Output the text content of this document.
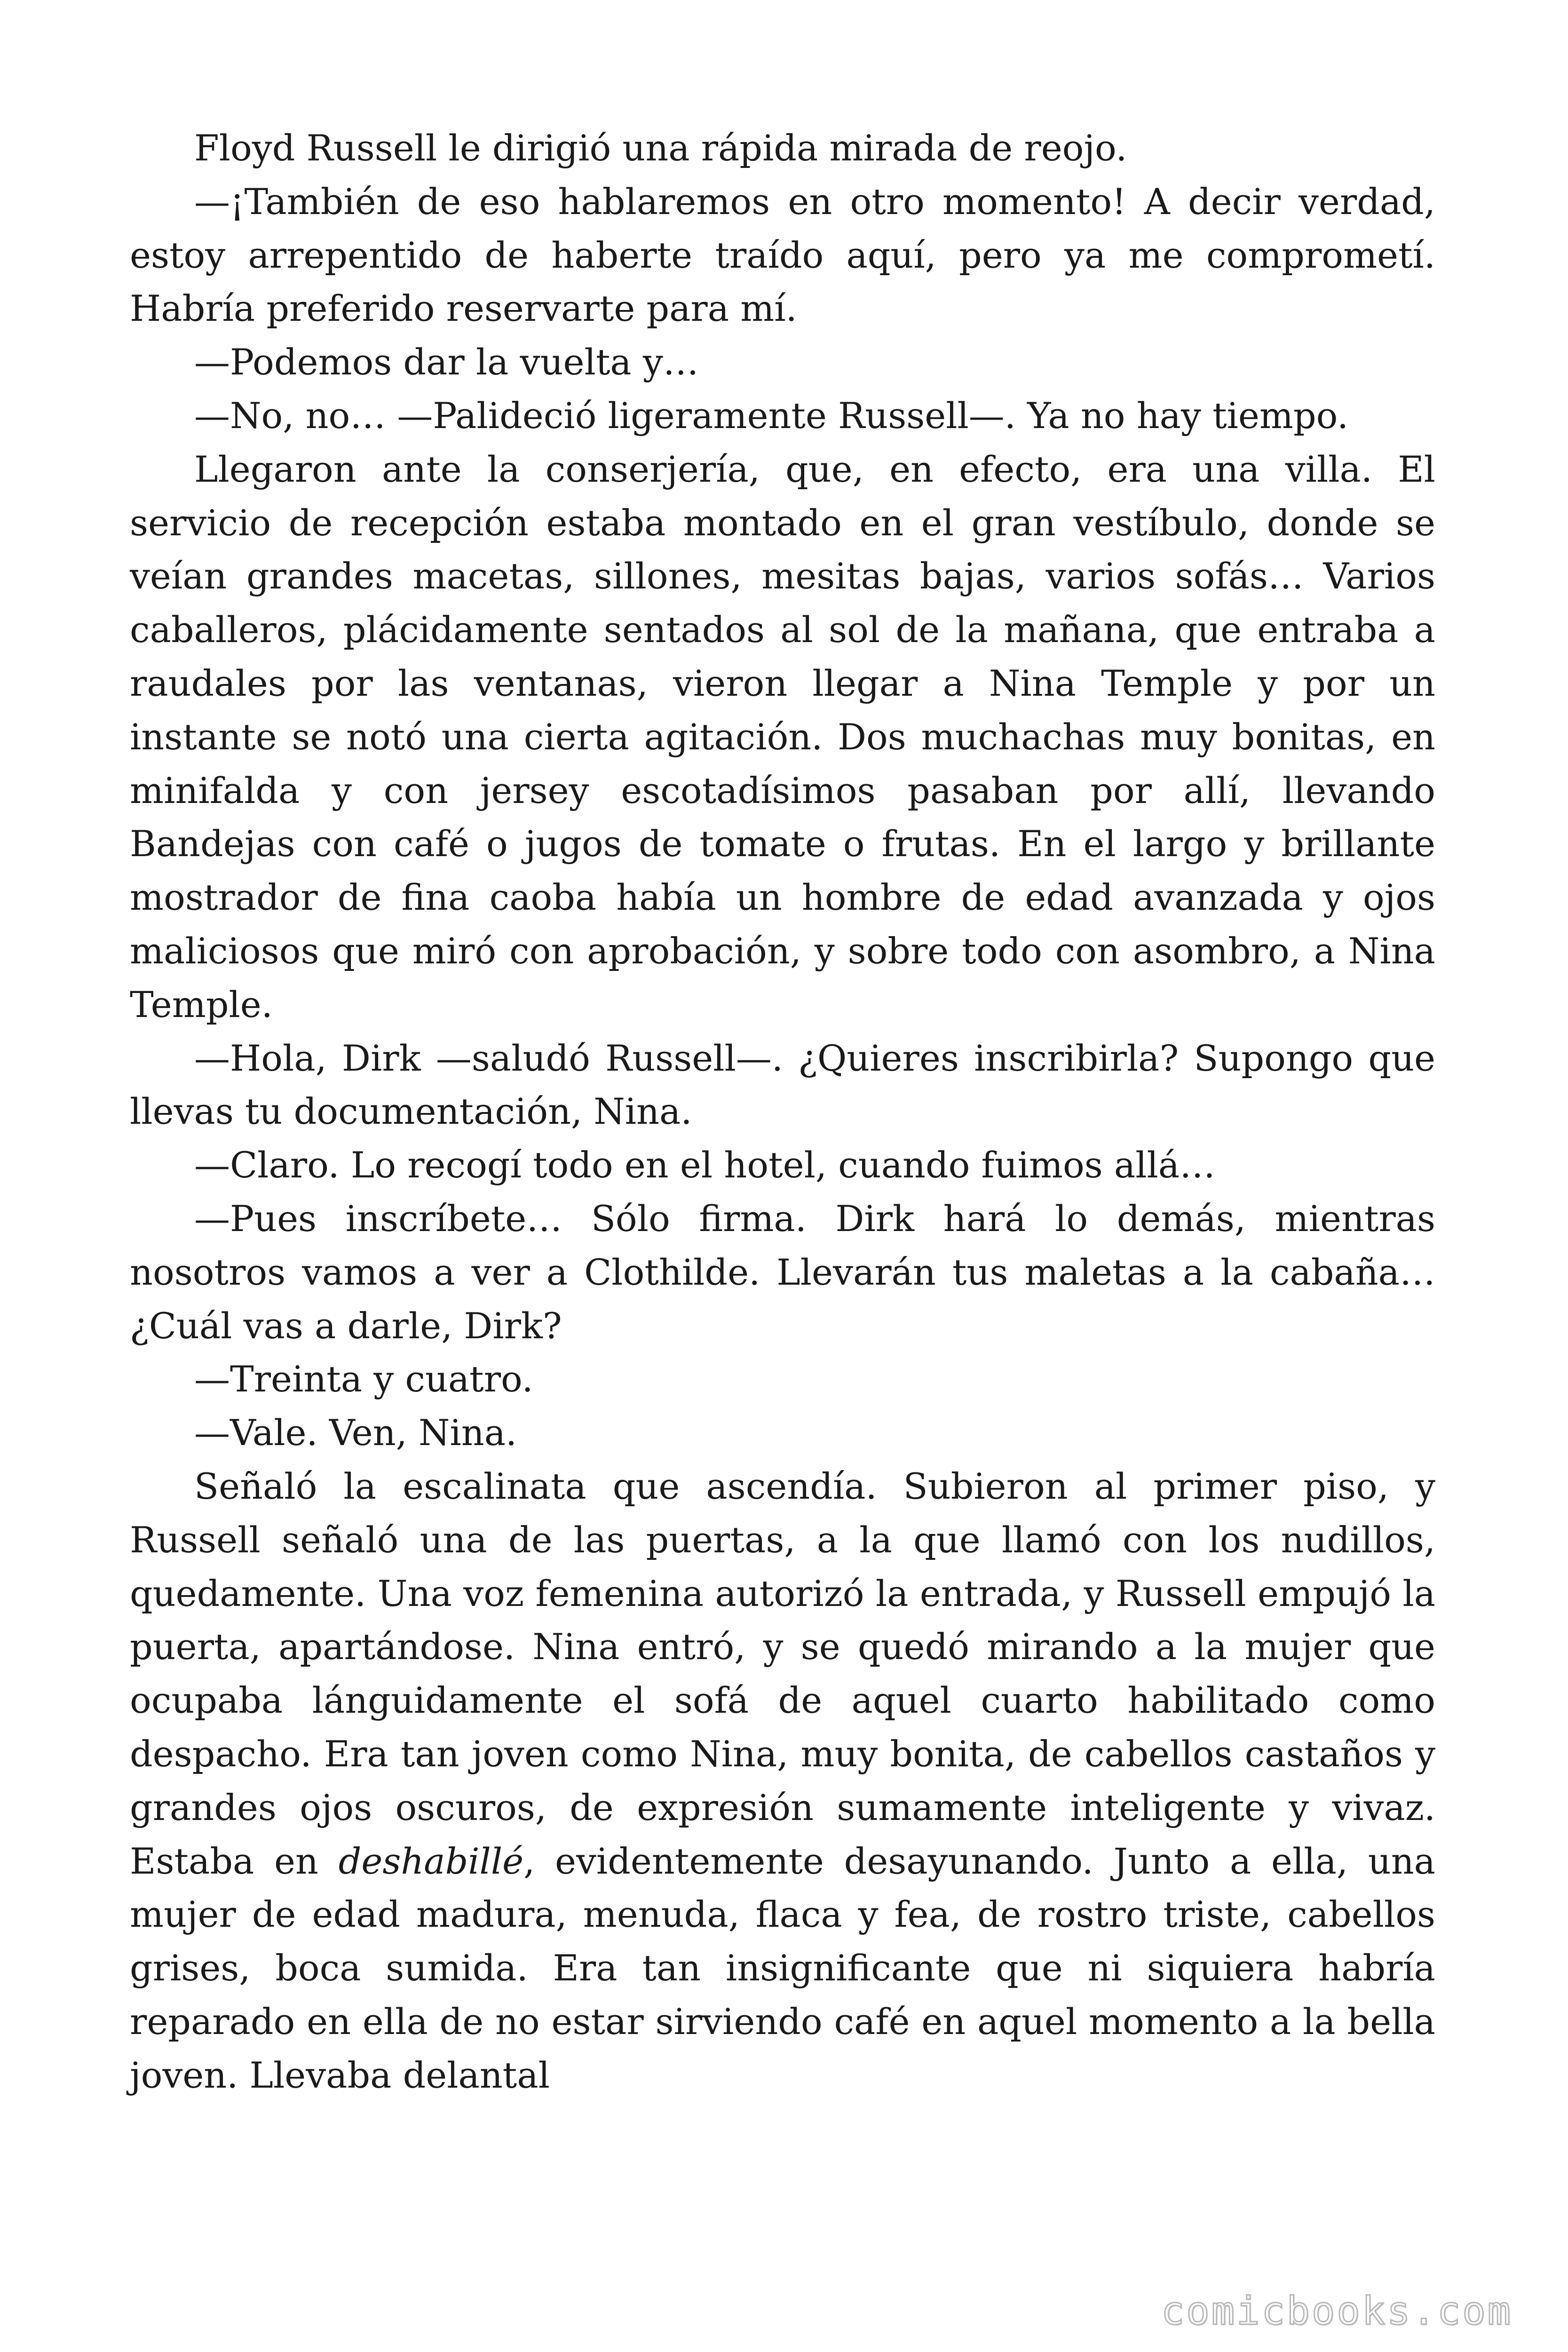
Floyd Russell le dirigió una rápida mirada de reojo.

—¡También de eso hablaremos en otro momento! A decir verdad, estoy arrepentido de haberte traído aquí, pero ya me comprometí. Habría preferido reservarte para mí.

—Podemos dar la vuelta y…

—No, no… —Palideció ligeramente Russell—. Ya no hay tiempo.

Llegaron ante la conserjería, que, en efecto, era una villa. El servicio de recepción estaba montado en el gran vestíbulo, donde se veían grandes macetas, sillones, mesitas bajas, varios sofás… Varios caballeros, plácidamente sentados al sol de la mañana, que entraba a raudales por las ventanas, vieron llegar a Nina Temple y por un instante se notó una cierta agitación. Dos muchachas muy bonitas, en minifalda y con jersey escotadísimos pasaban por allí, llevando Bandejas con café o jugos de tomate o frutas. En el largo y brillante mostrador de fina caoba había un hombre de edad avanzada y ojos maliciosos que miró con aprobación, y sobre todo con asombro, a Nina Temple.

—Hola, Dirk —saludó Russell—. ¿Quieres inscribirla? Supongo que llevas tu documentación, Nina.

—Claro. Lo recogí todo en el hotel, cuando fuimos allá…

—Pues inscríbete… Sólo firma. Dirk hará lo demás, mientras nosotros vamos a ver a Clothilde. Llevarán tus maletas a la cabaña… ¿Cuál vas a darle, Dirk?

—Treinta y cuatro.

—Vale. Ven, Nina.

Señaló la escalinata que ascendía. Subieron al primer piso, y Russell señaló una de las puertas, a la que llamó con los nudillos, quedamente. Una voz femenina autorizó la entrada, y Russell empujó la puerta, apartándose. Nina entró, y se quedó mirando a la mujer que ocupaba lánguidamente el sofá de aquel cuarto habilitado como despacho. Era tan joven como Nina, muy bonita, de cabellos castaños y grandes ojos oscuros, de expresión sumamente inteligente y vivaz. Estaba en deshabillé, evidentemente desayunando. Junto a ella, una mujer de edad madura, menuda, flaca y fea, de rostro triste, cabellos grises, boca sumida. Era tan insignificante que ni siquiera habría reparado en ella de no estar sirviendo café en aquel momento a la bella joven. Llevaba delantal

comicbooks.com
